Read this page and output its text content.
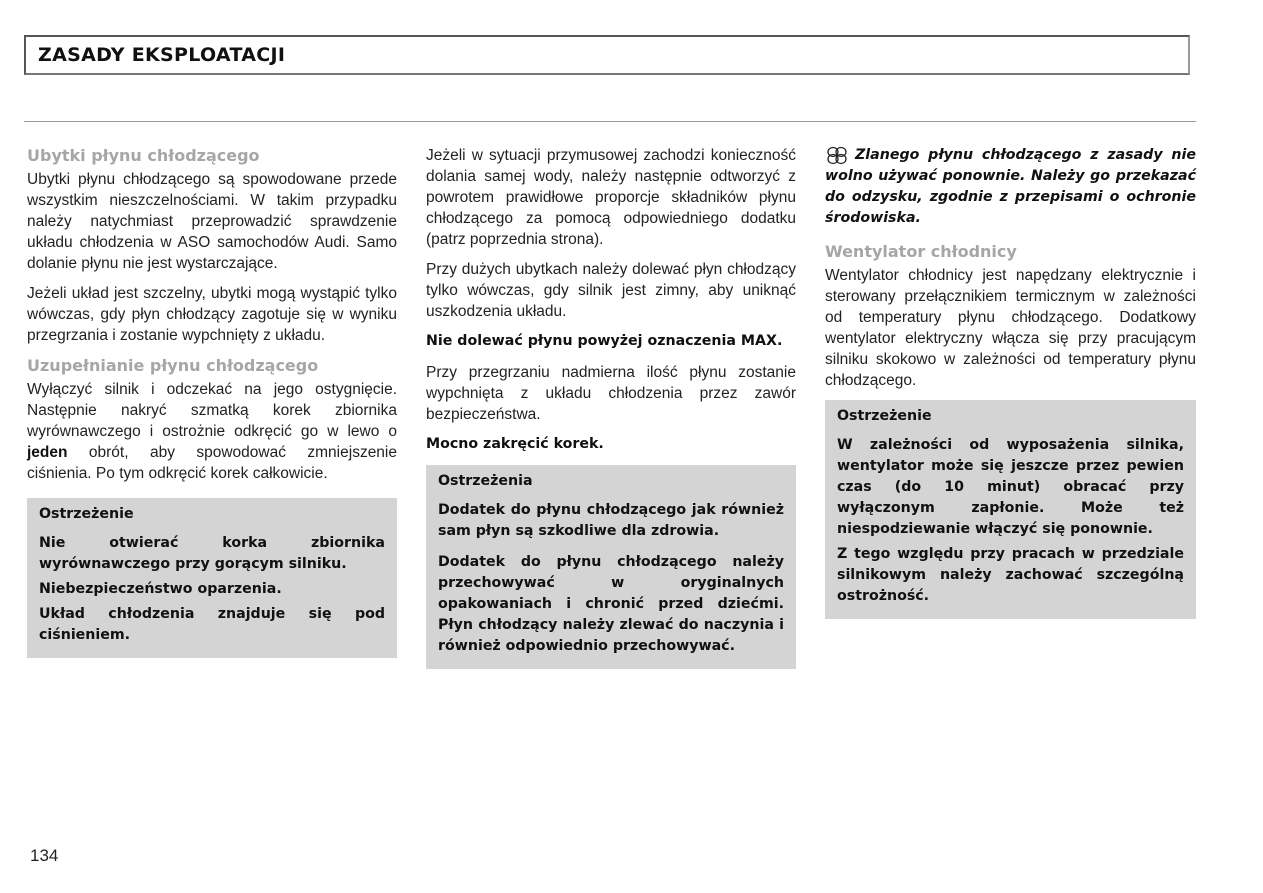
ZASADY EKSPLOATACJI
Ubytki płynu chłodzącego

Ubytki płynu chłodzącego są spowodowane przede wszystkim nieszczelnościami. W takim przypadku należy natychmiast przeprowadzić sprawdzenie układu chłodzenia w ASO samochodów Audi. Samo dolanie płynu nie jest wystarczające.

Jeżeli układ jest szczelny, ubytki mogą wystąpić tylko wówczas, gdy płyn chłodzący zagotuje się w wyniku przegrzania i zostanie wypchnięty z układu.

Uzupełnianie płynu chłodzącego

Wyłączyć silnik i odczekać na jego ostygnięcie. Następnie nakryć szmatką korek zbiornika wyrównawczego i ostrożnie odkręcić go w lewo o jeden obrót, aby spowodować zmniejszenie ciśnienia. Po tym odkręcić korek całkowicie.

Ostrzeżenie
Nie otwierać korka zbiornika wyrównawczego przy gorącym silniku.
Niebezpieczeństwo oparzenia.
Układ chłodzenia znajduje się pod ciśnieniem.

Jeżeli w sytuacji przymusowej zachodzi konieczność dolania samej wody, należy następnie odtworzyć z powrotem prawidłowe proporcje składników płynu chłodzącego za pomocą odpowiedniego dodatku (patrz poprzednia strona).

Przy dużych ubytkach należy dolewać płyn chłodzący tylko wówczas, gdy silnik jest zimny, aby uniknąć uszkodzenia układu.

Nie dolewać płynu powyżej oznaczenia MAX.

Przy przegrzaniu nadmierna ilość płynu zostanie wypchnięta z układu chłodzenia przez zawór bezpieczeństwa.

Mocno zakręcić korek.

Ostrzeżenia
Dodatek do płynu chłodzącego jak również sam płyn są szkodliwe dla zdrowia.
Dodatek do płynu chłodzącego należy przechowywać w oryginalnych opakowaniach i chronić przed dziećmi. Płyn chłodzący należy zlewać do naczynia i również odpowiednio przechowywać.

Zlanego płynu chłodzącego z zasady nie wolno używać ponownie. Należy go przekazać do odzysku, zgodnie z przepisami o ochronie środowiska.

Wentylator chłodnicy

Wentylator chłodnicy jest napędzany elektrycznie i sterowany przełącznikiem termicznym w zależności od temperatury płynu chłodzącego. Dodatkowy wentylator elektryczny włącza się przy pracującym silniku skokowo w zależności od temperatury płynu chłodzącego.

Ostrzeżenie
W zależności od wyposażenia silnika, wentylator może się jeszcze przez pewien czas (do 10 minut) obracać przy wyłączonym zapłonie. Może też niespodziewanie włączyć się ponownie.
Z tego względu przy pracach w przedziale silnikowym należy zachować szczególną ostrożność.
134
